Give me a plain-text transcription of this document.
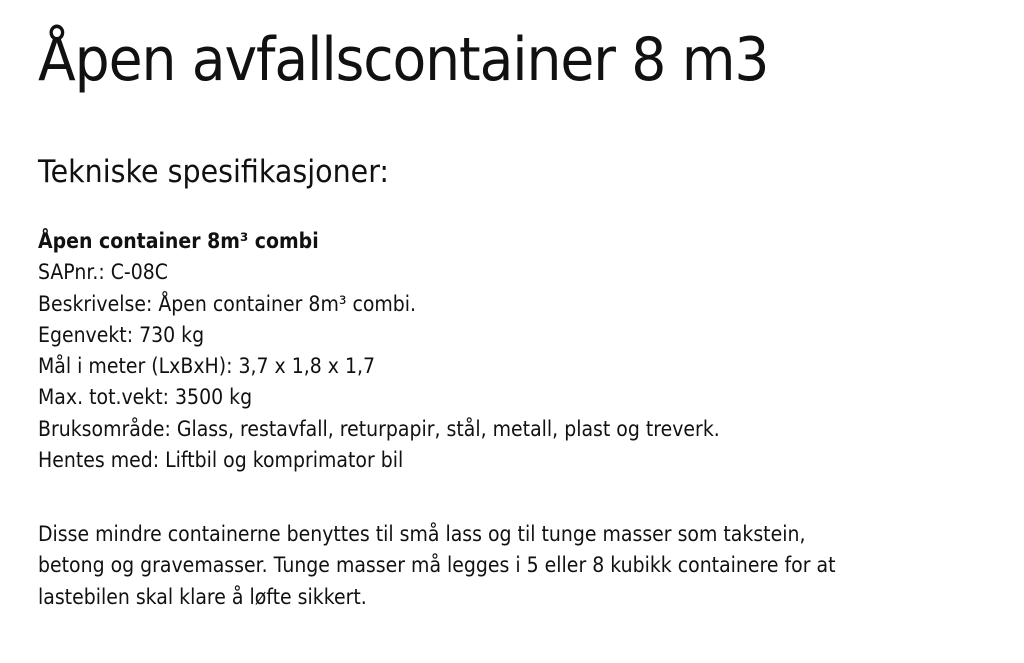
Åpen avfallscontainer 8 m3
Tekniske spesifikasjoner:
Åpen container 8m³ combi
SAPnr.: C-08C
Beskrivelse: Åpen container 8m³ combi.
Egenvekt: 730 kg
Mål i meter (LxBxH): 3,7 x 1,8 x 1,7
Max. tot.vekt: 3500 kg
Bruksområde: Glass, restavfall, returpapir, stål, metall, plast og treverk.
Hentes med: Liftbil og komprimator bil
Disse mindre containerne benyttes til små lass og til tunge masser som takstein,
betong og gravemasser. Tunge masser må legges i 5 eller 8 kubikk containere for at
lastebilen skal klare å løfte sikkert.
